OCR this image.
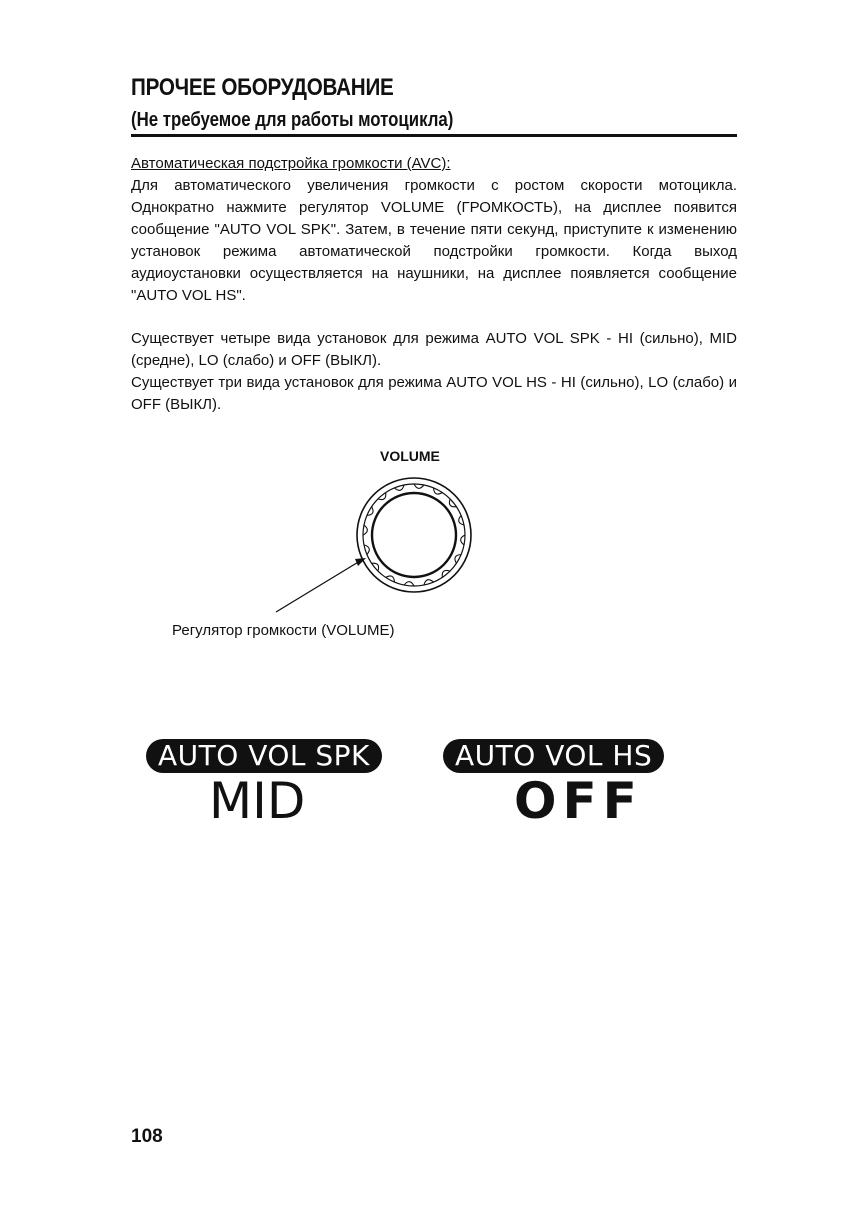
ПРОЧЕЕ ОБОРУДОВАНИЕ
(Не требуемое для работы мотоцикла)

Автоматическая подстройка громкости (AVC):

Для автоматического увеличения громкости с ростом скорости мотоцикла. Однократно нажмите регулятор VOLUME (ГРОМКОСТЬ), на дисплее появится сообщение "AUTO VOL SPK". Затем, в течение пяти секунд, приступите к изменению установок режима автоматической подстройки громкости. Когда выход аудиоустановки осуществляется на наушники, на дисплее появляется сообщение "AUTO VOL HS".

Существует четыре вида установок для режима AUTO VOL SPK - HI (сильно), MID (средне), LO (слабо) и OFF (ВЫКЛ).

Существует три вида установок для режима AUTO VOL HS - HI (сильно), LO (слабо) и OFF (ВЫКЛ).

VOLUME
Регулятор громкости (VOLUME)
AUTO VOL SPK
MID
AUTO VOL HS
OFF
108
